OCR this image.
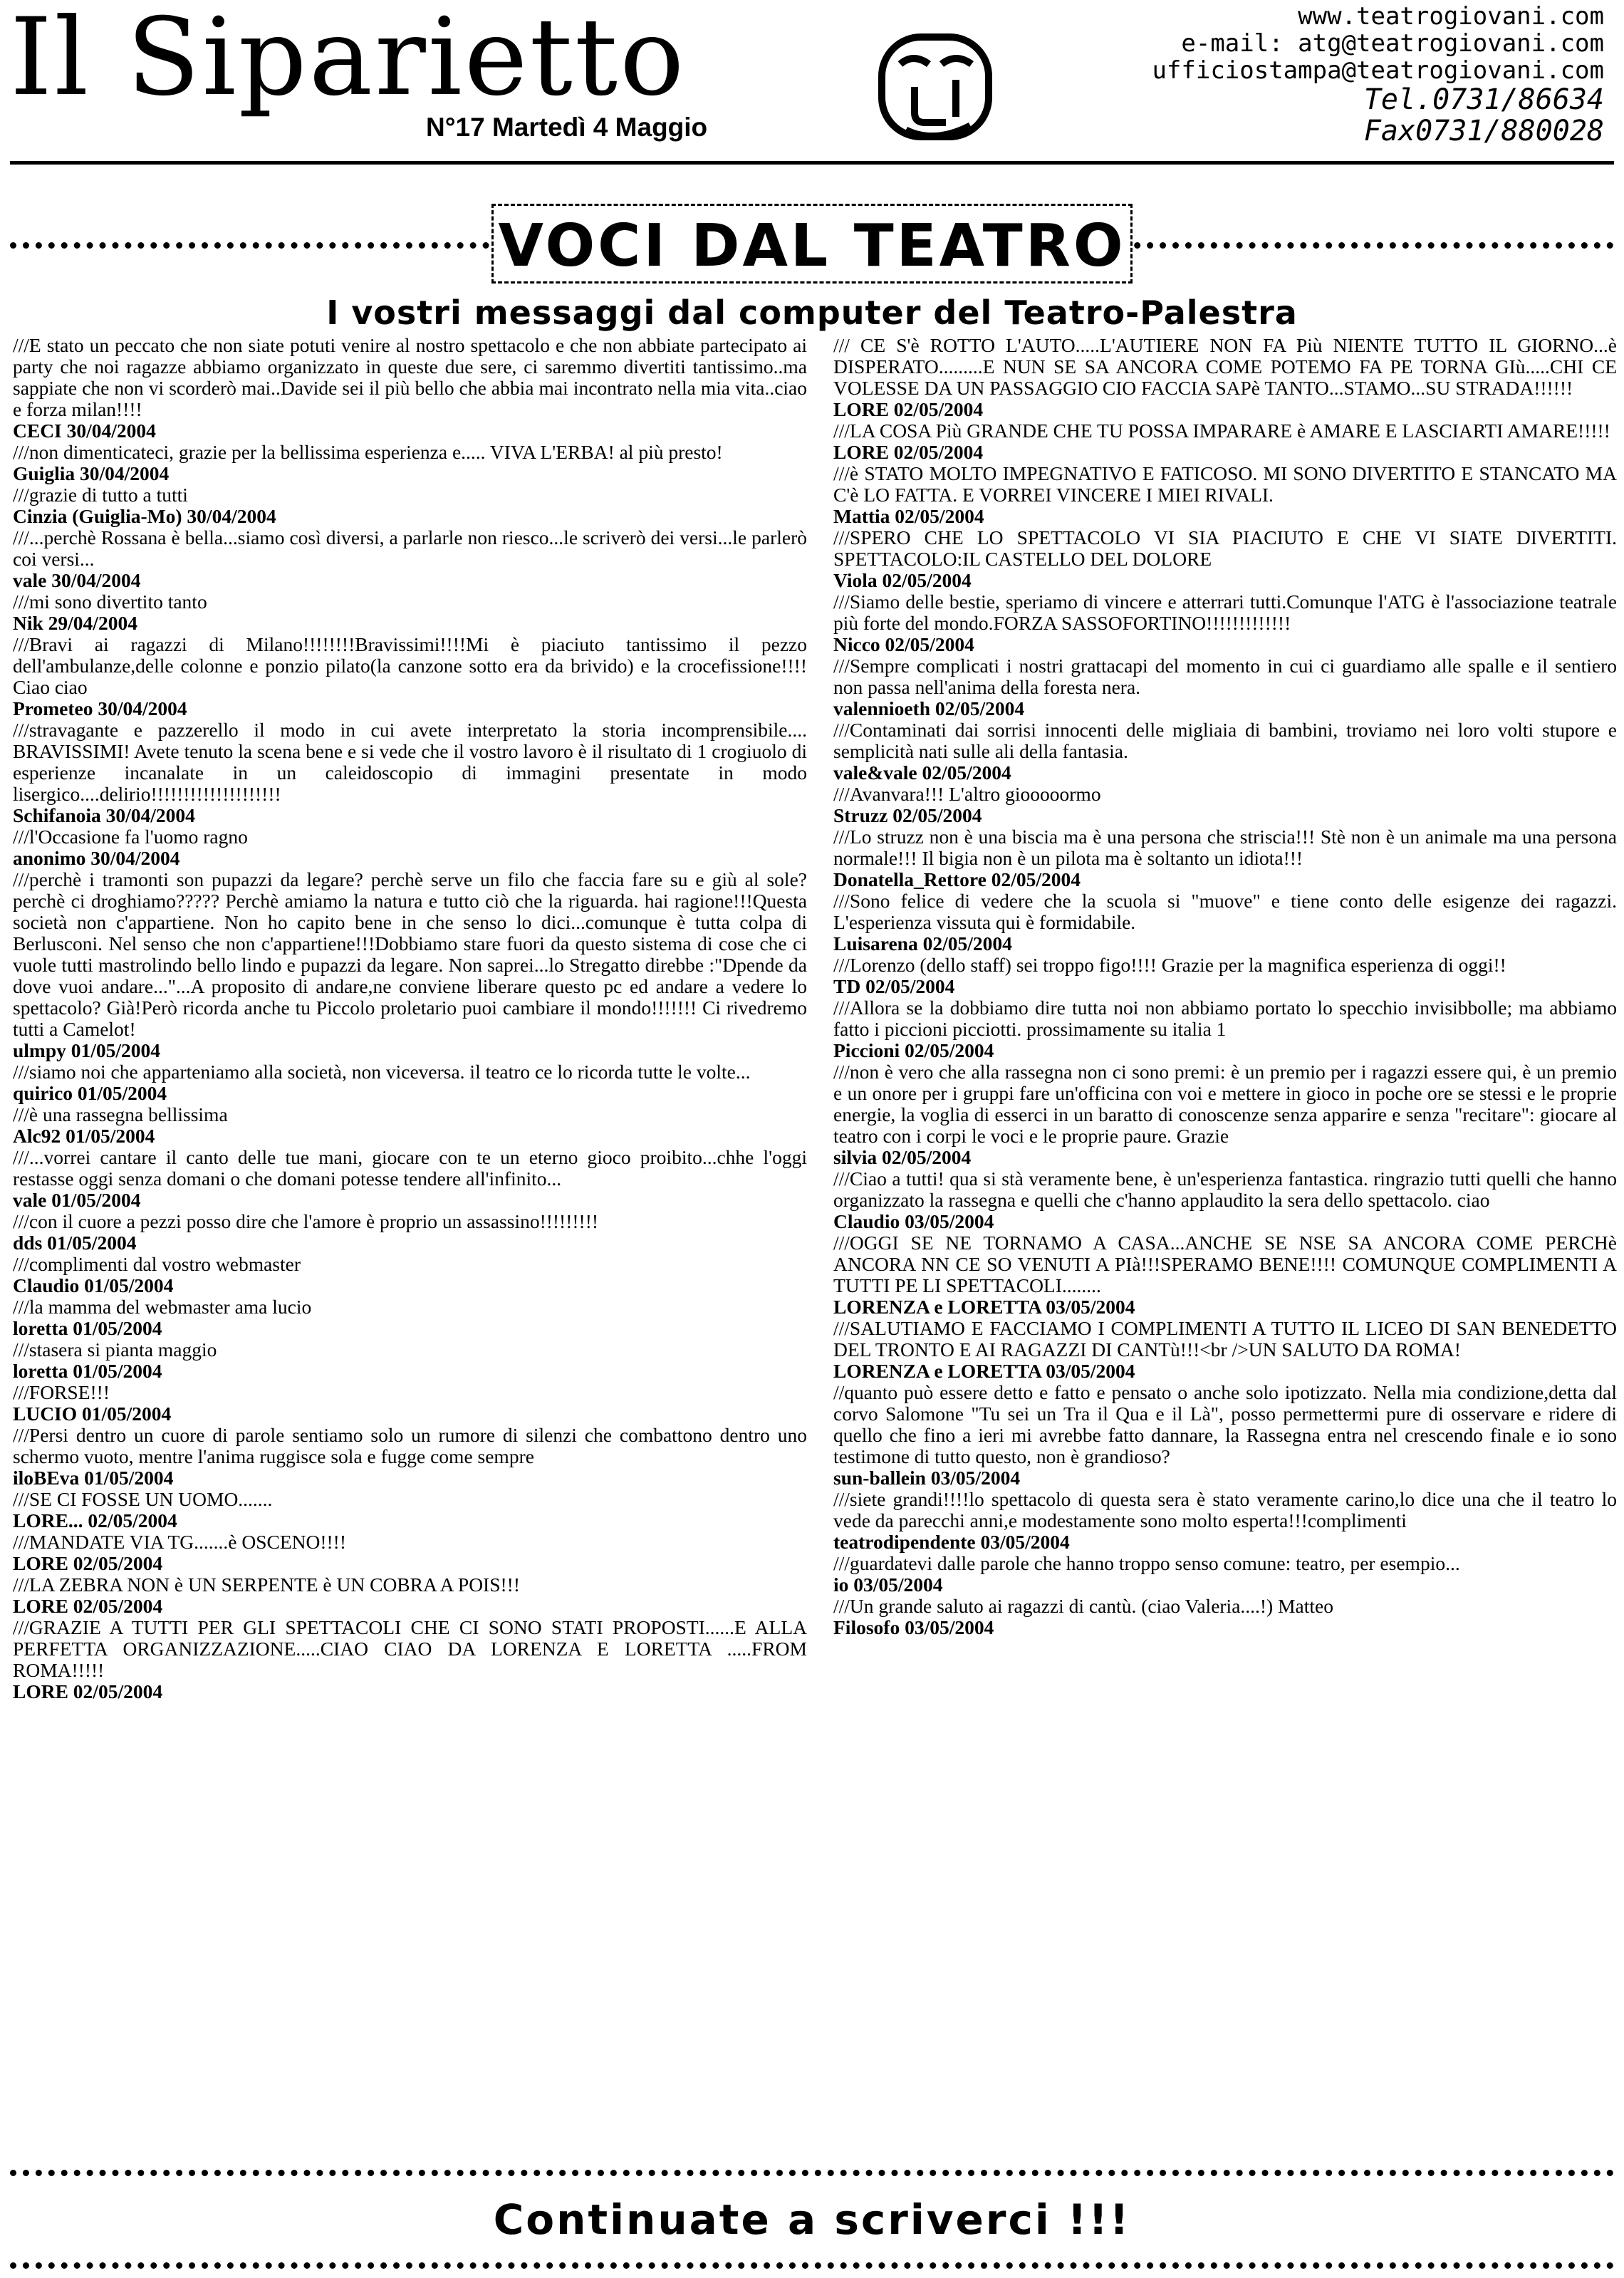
Il Siparietto
N°17 Martedì 4 Maggio
www.teatrogiovani.com
e-mail: atg@teatrogiovani.com
ufficiostampa@teatrogiovani.com
Tel.0731/86634
Fax0731/880028
VOCI DAL TEATRO
I vostri messaggi dal computer del Teatro-Palestra
///E stato un peccato che non siate potuti venire al nostro spettacolo e che non abbiate partecipato ai party che noi ragazze abbiamo organizzato in queste due sere, ci saremmo divertiti tantissimo..ma sappiate che non vi scorderò mai..Davide sei il più bello che abbia mai incontrato nella mia vita..ciao e forza milan!!!!
CECI 30/04/2004
///non dimenticateci, grazie per la bellissima esperienza e..... VIVA L'ERBA! al più presto!
Guiglia 30/04/2004
///grazie di tutto a tutti
Cinzia (Guiglia-Mo) 30/04/2004
///...perchè Rossana è bella...siamo così diversi, a parlarle non riesco...le scriverò dei versi...le parlerò coi versi...
vale 30/04/2004
///mi sono divertito tanto
Nik 29/04/2004
///Bravi ai ragazzi di Milano!!!!!!!!Bravissimi!!!!Mi è piaciuto tantissimo il pezzo dell'ambulanze,delle colonne e ponzio pilato(la canzone sotto era da brivido) e la crocefissione!!!! Ciao ciao
Prometeo 30/04/2004
///stravagante e pazzerello il modo in cui avete interpretato la storia incomprensibile.... BRAVISSIMI! Avete tenuto la scena bene e si vede che il vostro lavoro è il risultato di 1 crogiuolo di esperienze incanalate in un caleidoscopio di immagini presentate in modo lisergico....delirio!!!!!!!!!!!!!!!!!!!!
Schifanoia 30/04/2004
///l'Occasione fa l'uomo ragno
anonimo 30/04/2004
///perchè i tramonti son pupazzi da legare? perchè serve un filo che faccia fare su e giù al sole? perchè ci droghiamo????? Perchè amiamo la natura e tutto ciò che la riguarda. hai ragione!!!Questa società non c'appartiene. Non ho capito bene in che senso lo dici...comunque è tutta colpa di Berlusconi. Nel senso che non c'appartiene!!!Dobbiamo stare fuori da questo sistema di cose che ci vuole tutti mastrolindo bello lindo e pupazzi da legare. Non saprei...lo Stregatto direbbe :"Dpende da dove vuoi andare..."...A proposito di andare,ne conviene liberare questo pc ed andare a vedere lo spettacolo? Già!Però ricorda anche tu Piccolo proletario puoi cambiare il mondo!!!!!!! Ci rivedremo tutti a Camelot!
ulmpy 01/05/2004
///siamo noi che apparteniamo alla società, non viceversa. il teatro ce lo ricorda tutte le volte...
quirico 01/05/2004
///è una rassegna bellissima
Alc92 01/05/2004
///...vorrei cantare il canto delle tue mani, giocare con te un eterno gioco proibito...chhe l'oggi restasse oggi senza domani o che domani potesse tendere all'infinito...
vale 01/05/2004
///con il cuore a pezzi posso dire che l'amore è proprio un assassino!!!!!!!!!
dds 01/05/2004
///complimenti dal vostro webmaster
Claudio 01/05/2004
///la mamma del webmaster ama lucio
loretta 01/05/2004
///stasera si pianta maggio
loretta 01/05/2004
///FORSE!!!
LUCIO 01/05/2004
///Persi dentro un cuore di parole sentiamo solo un rumore di silenzi che combattono dentro uno schermo vuoto, mentre l'anima ruggisce sola e fugge come sempre
iloBEva 01/05/2004
///SE CI FOSSE UN UOMO.......
LORE... 02/05/2004
///MANDATE VIA TG.......è OSCENO!!!!
LORE 02/05/2004
///LA ZEBRA NON è UN SERPENTE è UN COBRA A POIS!!!
LORE 02/05/2004
///GRAZIE A TUTTI PER GLI SPETTACOLI CHE CI SONO STATI PROPOSTI......E ALLA PERFETTA ORGANIZZAZIONE.....CIAO CIAO DA LORENZA E LORETTA .....FROM ROMA!!!!!
LORE 02/05/2004
/// CE S'è ROTTO L'AUTO.....L'AUTIERE NON FA Più NIENTE TUTTO IL GIORNO...è DISPERATO.........E NUN SE SA ANCORA COME POTEMO FA PE TORNA GIù.....CHI CE VOLESSE DA UN PASSAGGIO CIO FACCIA SAPè TANTO...STAMO...SU STRADA!!!!!!
LORE 02/05/2004
///LA COSA Più GRANDE CHE TU POSSA IMPARARE è AMARE E LASCIARTI AMARE!!!!!
LORE 02/05/2004
///è STATO MOLTO IMPEGNATIVO E FATICOSO. MI SONO DIVERTITO E STANCATO MA C'è LO FATTA. E VORREI VINCERE I MIEI RIVALI.
Mattia 02/05/2004
///SPERO CHE LO SPETTACOLO VI SIA PIACIUTO E CHE VI SIATE DIVERTITI. SPETTACOLO:IL CASTELLO DEL DOLORE
Viola 02/05/2004
///Siamo delle bestie, speriamo di vincere e atterrari tutti.Comunque l'ATG è l'associazione teatrale più forte del mondo.FORZA SASSOFORTINO!!!!!!!!!!!!!
Nicco 02/05/2004
///Sempre complicati i nostri grattacapi del momento in cui ci guardiamo alle spalle e il sentiero non passa nell'anima della foresta nera.
valennioeth 02/05/2004
///Contaminati dai sorrisi innocenti delle migliaia di bambini, troviamo nei loro volti stupore e semplicità nati sulle ali della fantasia.
vale&vale 02/05/2004
///Avanvara!!! L'altro giooooormo
Struzz 02/05/2004
///Lo struzz non è una biscia ma è una persona che striscia!!! Stè non è un animale ma una persona normale!!! Il bigia non è un pilota ma è soltanto un idiota!!!
Donatella_Rettore 02/05/2004
///Sono felice di vedere che la scuola si "muove" e tiene conto delle esigenze dei ragazzi. L'esperienza vissuta qui è formidabile.
Luisarena 02/05/2004
///Lorenzo (dello staff) sei troppo figo!!!! Grazie per la magnifica esperienza di oggi!!
TD 02/05/2004
///Allora se la dobbiamo dire tutta noi non abbiamo portato lo specchio invisibbolle; ma abbiamo fatto i piccioni picciotti. prossimamente su italia 1
Piccioni 02/05/2004
///non è vero che alla rassegna non ci sono premi: è un premio per i ragazzi essere qui, è un premio e un onore per i gruppi fare un'officina con voi e mettere in gioco in poche ore se stessi e le proprie energie, la voglia di esserci in un baratto di conoscenze senza apparire e senza "recitare": giocare al teatro con i corpi le voci e le proprie paure. Grazie
silvia 02/05/2004
///Ciao a tutti! qua si stà veramente bene, è un'esperienza fantastica. ringrazio tutti quelli che hanno organizzato la rassegna e quelli che c'hanno applaudito la sera dello spettacolo. ciao
Claudio 03/05/2004
///OGGI SE NE TORNAMO A CASA...ANCHE SE NSE SA ANCORA COME PERCHè ANCORA NN CE SO VENUTI A PIà!!!SPERAMO BENE!!!! COMUNQUE COMPLIMENTI A TUTTI PE LI SPETTACOLI........
LORENZA e LORETTA 03/05/2004
///SALUTIAMO E FACCIAMO I COMPLIMENTI A TUTTO IL LICEO DI SAN BENEDETTO DEL TRONTO E AI RAGAZZI DI CANTù!!!<br />UN SALUTO DA ROMA!
LORENZA e LORETTA 03/05/2004
//quanto può essere detto e fatto e pensato o anche solo ipotizzato. Nella mia condizione,detta dal corvo Salomone "Tu sei un Tra il Qua e il Là", posso permettermi pure di osservare e ridere di quello che fino a ieri mi avrebbe fatto dannare, la Rassegna entra nel crescendo finale e io sono testimone di tutto questo, non è grandioso?
sun-ballein 03/05/2004
///siete grandi!!!!lo spettacolo di questa sera è stato veramente carino,lo dice una che il teatro lo vede da parecchi anni,e modestamente sono molto esperta!!!complimenti
teatrodipendente 03/05/2004
///guardatevi dalle parole che hanno troppo senso comune: teatro, per esempio...
io 03/05/2004
///Un grande saluto ai ragazzi di cantù. (ciao Valeria....!) Matteo
Filosofo 03/05/2004
Continuate a scriverci !!!
